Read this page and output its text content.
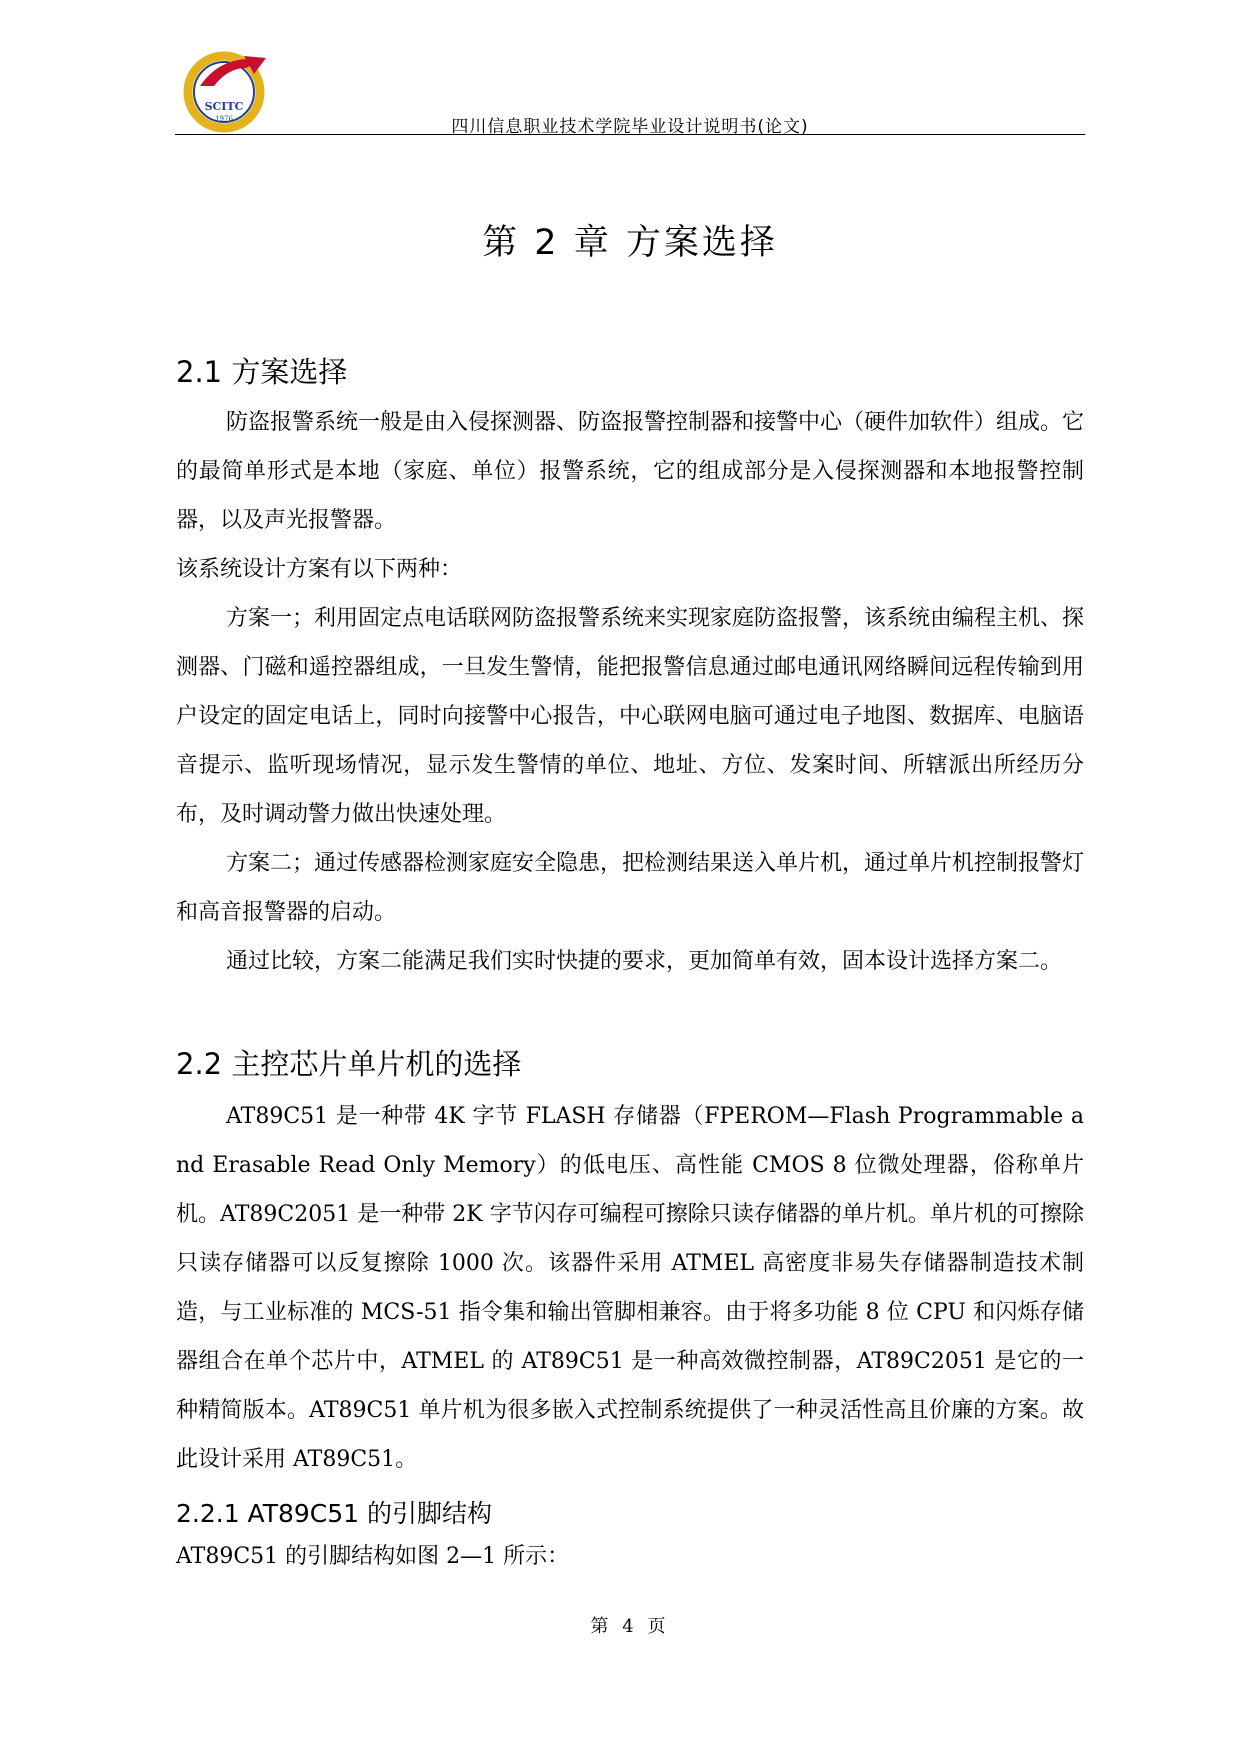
SCITC
1976	四川信息职业技术学院毕业设计说明书(论文)
第 2 章 方案选择
2.1 方案选择

防盗报警系统一般是由入侵探测器、防盗报警控制器和接警中心（硬件加软件）组成。它的最简单形式是本地（家庭、单位）报警系统，它的组成部分是入侵探测器和本地报警控制器，以及声光报警器。

该系统设计方案有以下两种：

方案一；利用固定点电话联网防盗报警系统来实现家庭防盗报警，该系统由编程主机、探测器、门磁和遥控器组成，一旦发生警情，能把报警信息通过邮电通讯网络瞬间远程传输到用户设定的固定电话上，同时向接警中心报告，中心联网电脑可通过电子地图、数据库、电脑语音提示、监听现场情况，显示发生警情的单位、地址、方位、发案时间、所辖派出所经历分布，及时调动警力做出快速处理。

方案二；通过传感器检测家庭安全隐患，把检测结果送入单片机，通过单片机控制报警灯和高音报警器的启动。

通过比较，方案二能满足我们实时快捷的要求，更加简单有效，固本设计选择方案二。

2.2 主控芯片单片机的选择

AT89C51 是一种带 4K 字节 FLASH 存储器（FPEROM—Flash Programmable and Erasable Read Only Memory）的低电压、高性能 CMOS 8 位微处理器，俗称单片机。AT89C2051 是一种带 2K 字节闪存可编程可擦除只读存储器的单片机。单片机的可擦除只读存储器可以反复擦除 1000 次。该器件采用 ATMEL 高密度非易失存储器制造技术制造，与工业标准的 MCS-51 指令集和输出管脚相兼容。由于将多功能 8 位 CPU 和闪烁存储器组合在单个芯片中，ATMEL 的 AT89C51 是一种高效微控制器，AT89C2051 是它的一种精简版本。AT89C51 单片机为很多嵌入式控制系统提供了一种灵活性高且价廉的方案。故此设计采用 AT89C51。

2.2.1 AT89C51 的引脚结构

AT89C51 的引脚结构如图 2—1 所示：

第 4 页
